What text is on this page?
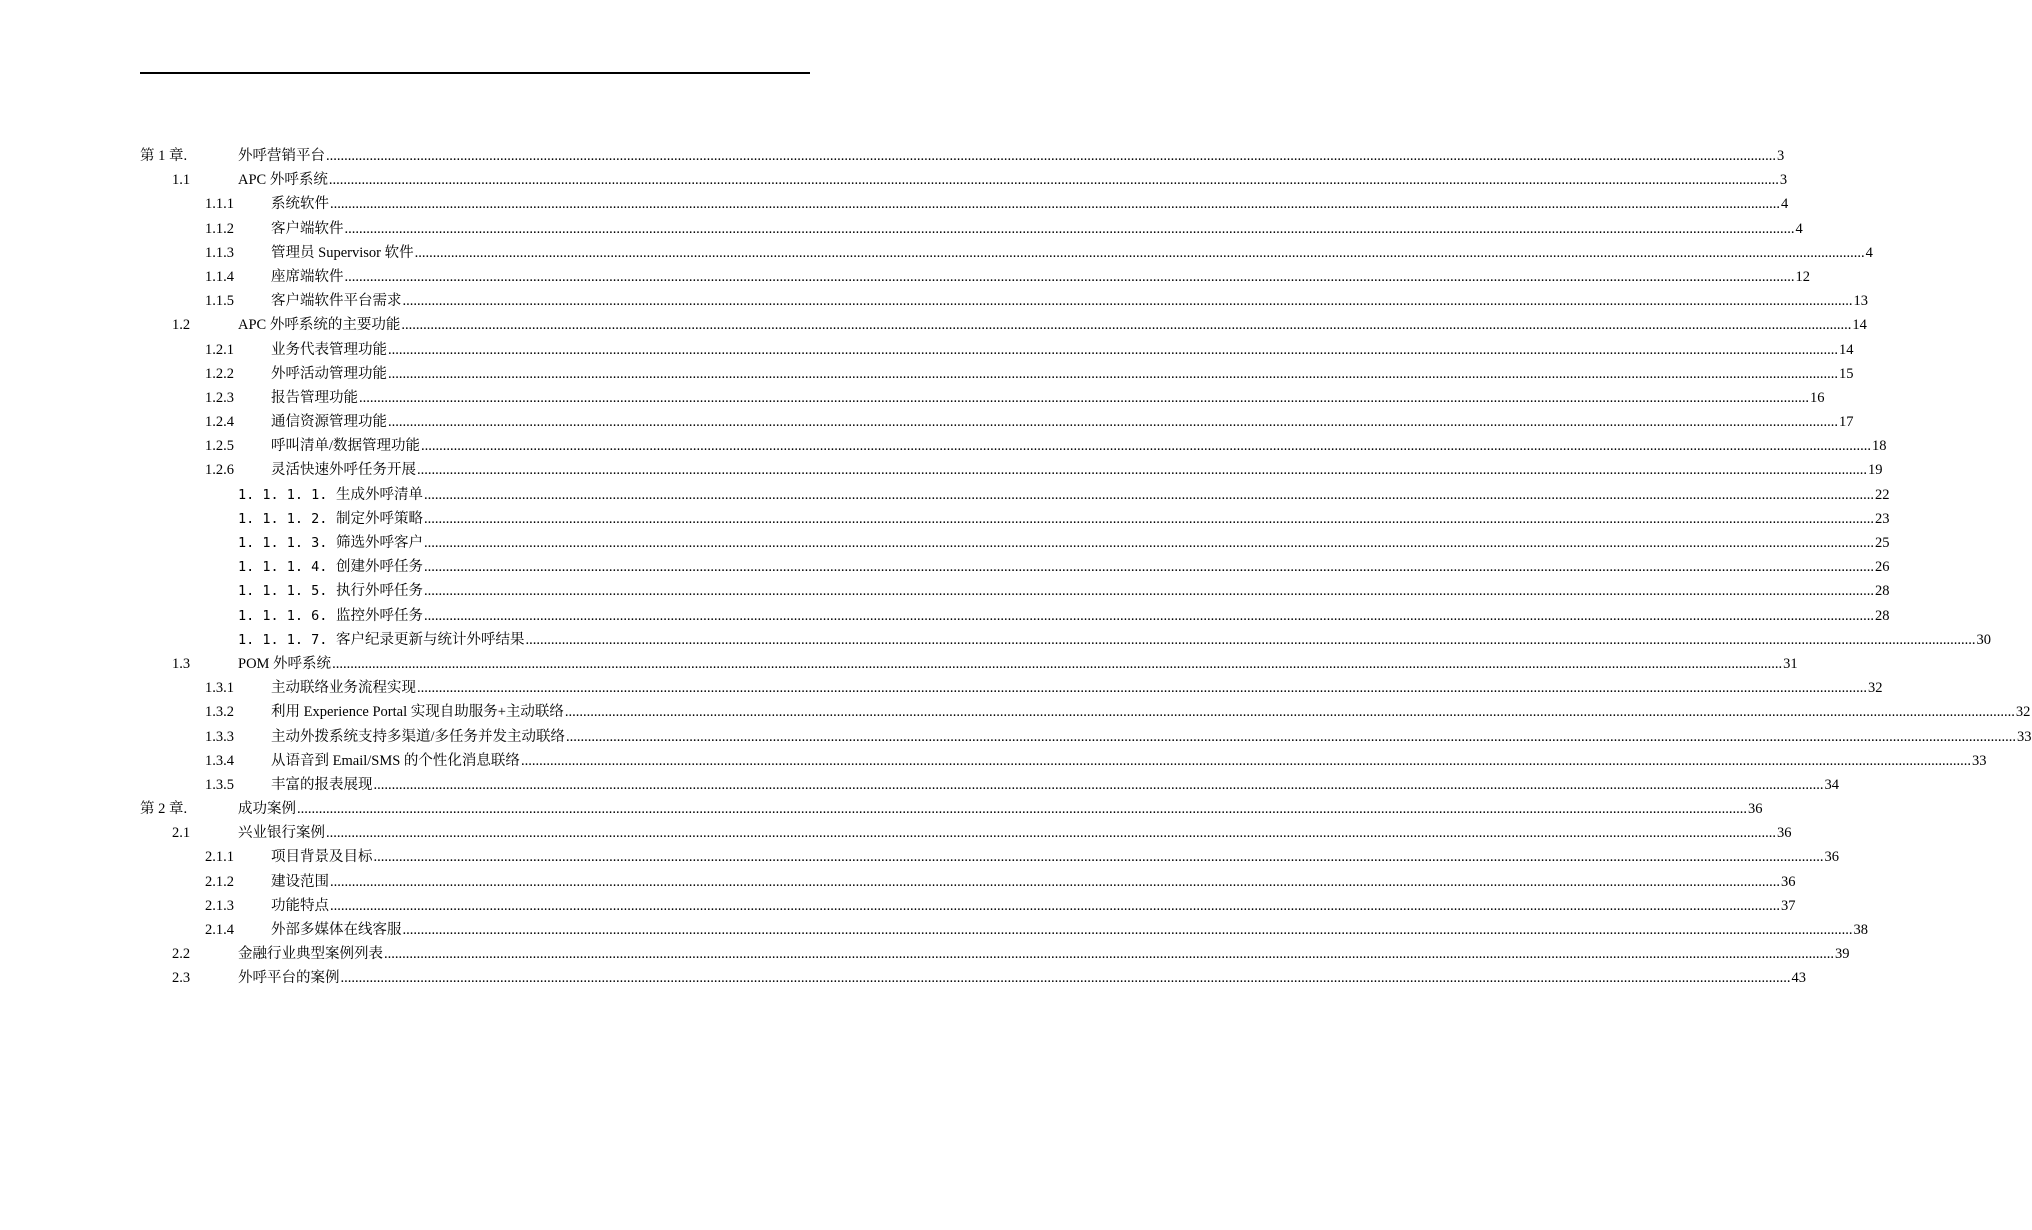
第 1 章.	外呼营销平台 ................................................................................................................................................................................................................................................................................................................................................................................................................ 3
1.1	APC 外呼系统 ................................................................................................................................................................................................................................................................................................................................................................................................................ 3
1.1.1	系统软件 ................................................................................................................................................................................................................................................................................................................................................................................................................ 4
1.1.2	客户端软件 ................................................................................................................................................................................................................................................................................................................................................................................................................ 4
1.1.3	管理员 Supervisor 软件 ................................................................................................................................................................................................................................................................................................................................................................................................................ 4
1.1.4	座席端软件 ................................................................................................................................................................................................................................................................................................................................................................................................................ 12
1.1.5	客户端软件平台需求 ................................................................................................................................................................................................................................................................................................................................................................................................................ 13
1.2	APC 外呼系统的主要功能 ................................................................................................................................................................................................................................................................................................................................................................................................................ 14
1.2.1	业务代表管理功能 ................................................................................................................................................................................................................................................................................................................................................................................................................ 14
1.2.2	外呼活动管理功能 ................................................................................................................................................................................................................................................................................................................................................................................................................ 15
1.2.3	报告管理功能 ................................................................................................................................................................................................................................................................................................................................................................................................................ 16
1.2.4	通信资源管理功能 ................................................................................................................................................................................................................................................................................................................................................................................................................ 17
1.2.5	呼叫清单/数据管理功能 ................................................................................................................................................................................................................................................................................................................................................................................................................ 18
1.2.6	灵活快速外呼任务开展 ................................................................................................................................................................................................................................................................................................................................................................................................................ 19
1. 1. 1. 1. 生成外呼清单 ................................................................................................................................................................................................................................................................................................................................................................................................................ 22
1. 1. 1. 2. 制定外呼策略 ................................................................................................................................................................................................................................................................................................................................................................................................................ 23
1. 1. 1. 3. 筛选外呼客户 ................................................................................................................................................................................................................................................................................................................................................................................................................ 25
1. 1. 1. 4. 创建外呼任务 ................................................................................................................................................................................................................................................................................................................................................................................................................ 26
1. 1. 1. 5. 执行外呼任务 ................................................................................................................................................................................................................................................................................................................................................................................................................ 28
1. 1. 1. 6. 监控外呼任务 ................................................................................................................................................................................................................................................................................................................................................................................................................ 28
1. 1. 1. 7. 客户纪录更新与统计外呼结果 ................................................................................................................................................................................................................................................................................................................................................................................................................ 30
1.3	POM 外呼系统 ................................................................................................................................................................................................................................................................................................................................................................................................................ 31
1.3.1	主动联络业务流程实现 ................................................................................................................................................................................................................................................................................................................................................................................................................ 32
1.3.2	利用 Experience Portal 实现自助服务+主动联络 ................................................................................................................................................................................................................................................................................................................................................................................................................ 32
1.3.3	主动外拨系统支持多渠道/多任务并发主动联络 ................................................................................................................................................................................................................................................................................................................................................................................................................ 33
1.3.4	从语音到 Email/SMS 的个性化消息联络 ................................................................................................................................................................................................................................................................................................................................................................................................................ 33
1.3.5	丰富的报表展现 ................................................................................................................................................................................................................................................................................................................................................................................................................ 34
第 2 章.	成功案例 ................................................................................................................................................................................................................................................................................................................................................................................................................ 36
2.1	兴业银行案例 ................................................................................................................................................................................................................................................................................................................................................................................................................ 36
2.1.1	项目背景及目标 ................................................................................................................................................................................................................................................................................................................................................................................................................ 36
2.1.2	建设范围 ................................................................................................................................................................................................................................................................................................................................................................................................................ 36
2.1.3	功能特点 ................................................................................................................................................................................................................................................................................................................................................................................................................ 37
2.1.4	外部多媒体在线客服 ................................................................................................................................................................................................................................................................................................................................................................................................................ 38
2.2	金融行业典型案例列表 ................................................................................................................................................................................................................................................................................................................................................................................................................ 39
2.3	外呼平台的案例 ................................................................................................................................................................................................................................................................................................................................................................................................................ 43
